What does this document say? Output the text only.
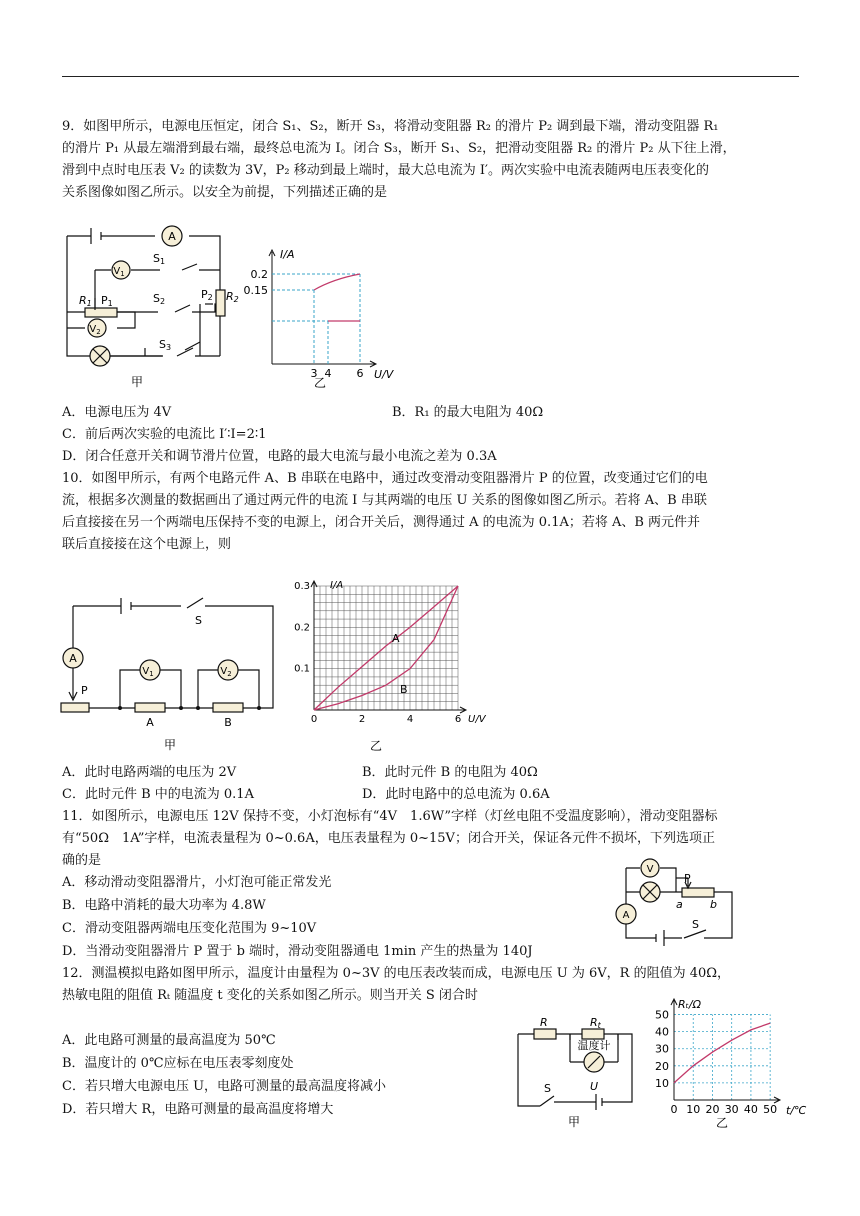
9．如图甲所示，电源电压恒定，闭合 S₁、S₂，断开 S₃，将滑动变阻器 R₂ 的滑片 P₂ 调到最下端，滑动变阻器 R₁
的滑片 P₁ 从最左端滑到最右端，最终总电流为 I。闭合 S₃，断开 S₁、S₂，把滑动变阻器 R₂ 的滑片 P₂ 从下往上滑，
滑到中点时电压表 V₂ 的读数为 3V，P₂ 移动到最上端时，最大总电流为 I′。两次实验中电流表随两电压表变化的
关系图像如图乙所示。以安全为前提，下列描述正确的是
A
$V_1$
$V_2$
S1
S2
S3
R1 P1
P2 R2
甲
I/A
U/V
0.2
0.15
3 4 6
乙
A．电源电压为 4V	B．R₁ 的最大电阻为 40Ω
C．前后两次实验的电流比 I′∶I=2∶1
D．闭合任意开关和调节滑片位置，电路的最大电流与最小电流之差为 0.3A
10．如图甲所示，有两个电路元件 A、B 串联在电路中，通过改变滑动变阻器滑片 P 的位置，改变通过它们的电
流，根据多次测量的数据画出了通过两元件的电流 I 与其两端的电压 U 关系的图像如图乙所示。若将 A、B 串联
后直接接在另一个两端电压保持不变的电源上，闭合开关后，测得通过 A 的电流为 0.1A；若将 A、B 两元件并
联后直接接在这个电源上，则
A
$V_1$	$V_2$
S
P
A	B
甲
A
B
I/A
U/V
0	2	4	6
0.1
0.2
0.3
乙
A．此时电路两端的电压为 2V	B．此时元件 B 的电阻为 40Ω
C．此时元件 B 中的电流为 0.1A	D．此时电路中的总电流为 0.6A
11．如图所示，电源电压 12V 保持不变，小灯泡标有“4V　1.6W”字样（灯丝电阻不受温度影响），滑动变阻器标
有“50Ω　1A”字样，电流表量程为 0~0.6A，电压表量程为 0~15V；闭合开关，保证各元件不损坏，下列选项正
确的是
A．移动滑动变阻器滑片，小灯泡可能正常发光
B．电路中消耗的最大功率为 4.8W
C．滑动变阻器两端电压变化范围为 9~10V
D．当滑动变阻器滑片 P 置于 b 端时，滑动变阻器通电 1min 产生的热量为 140J
V
A
P
a b
S
12．测温模拟电路如图甲所示，温度计由量程为 0~3V 的电压表改装而成，电源电压 U 为 6V，R 的阻值为 40Ω，
热敏电阻的阻值 Rₜ 随温度 t 变化的关系如图乙所示。则当开关 S 闭合时
A．此电路可测量的最高温度为 50℃
B．温度计的 0℃应标在电压表零刻度处
C．若只增大电源电压 U，电路可测量的最高温度将减小
D．若只增大 R，电路可测量的最高温度将增大
R	Rt
温度计
S	U
甲
Rₜ/Ω
t/℃
0 10 20 30 40 50
10
20
30
40
50
乙
